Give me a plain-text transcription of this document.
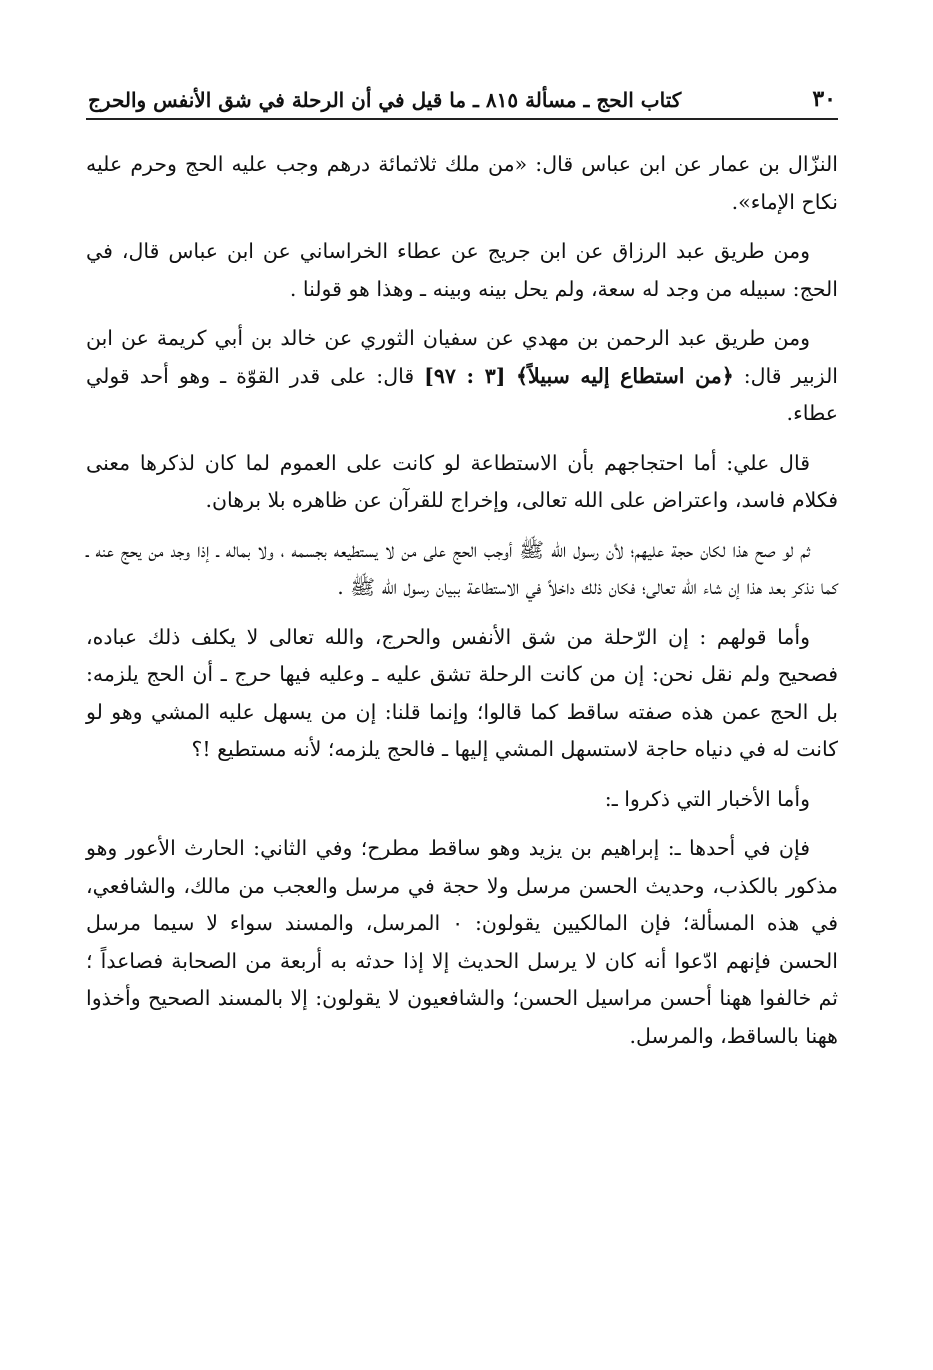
٣٠
كتاب الحج ـ مسألة ٨١٥ ـ ما قيل في أن الرحلة في شق الأنفس والحرج

النزّال بن عمار عن ابن عباس قال: «من ملك ثلاثمائة درهم وجب عليه الحج وحرم عليه نكاح الإماء».

ومن طريق عبد الرزاق عن ابن جريج عن عطاء الخراساني عن ابن عباس قال، في الحج: سبيله من وجد له سعة، ولم يحل بينه وبينه ـ وهذا هو قولنا .

ومن طريق عبد الرحمن بن مهدي عن سفيان الثوري عن خالد بن أبي كريمة عن ابن الزبير قال: ﴿من استطاع إليه سبيلاً﴾ [٣ : ٩٧] قال: على قدر القوّة ـ وهو أحد قولي عطاء.

قال علي: أما احتجاجهم بأن الاستطاعة لو كانت على العموم لما كان لذكرها معنى فكلام فاسد، واعتراض على الله تعالى، وإخراج للقرآن عن ظاهره بلا برهان.

ثم لو صح هذا لكان حجة عليهم؛ لأن رسول الله ﷺ أوجب الحج على من لا يستطيعه بجسمه ، ولا بماله ـ إذا وجد من يحج عنه ـ كما نذكر بعد هذا إن شاء الله تعالى؛ فكان ذلك داخلاً في الاستطاعة ببيان رسول الله ﷺ .

وأما قولهم : إن الرّحلة من شق الأنفس والحرج، والله تعالى لا يكلف ذلك عباده، فصحيح ولم نقل نحن: إن من كانت الرحلة تشق عليه ـ وعليه فيها حرج ـ أن الحج يلزمه: بل الحج عمن هذه صفته ساقط كما قالوا؛ وإنما قلنا: إن من يسهل عليه المشي وهو لو كانت له في دنياه حاجة لاستسهل المشي إليها ـ فالحج يلزمه؛ لأنه مستطيع !؟

وأما الأخبار التي ذكروا ـ:

فإن في أحدها ـ: إبراهيم بن يزيد وهو ساقط مطرح؛ وفي الثاني: الحارث الأعور وهو مذكور بالكذب، وحديث الحسن مرسل ولا حجة في مرسل والعجب من مالك، والشافعي، في هذه المسألة؛ فإن المالكيين يقولون: ٠ المرسل، والمسند سواء لا سيما مرسل الحسن فإنهم ادّعوا أنه كان لا يرسل الحديث إلا إذا حدثه به أربعة من الصحابة فصاعداً ؛ ثم خالفوا ههنا أحسن مراسيل الحسن؛ والشافعيون لا يقولون: إلا بالمسند الصحيح وأخذوا ههنا بالساقط، والمرسل.
